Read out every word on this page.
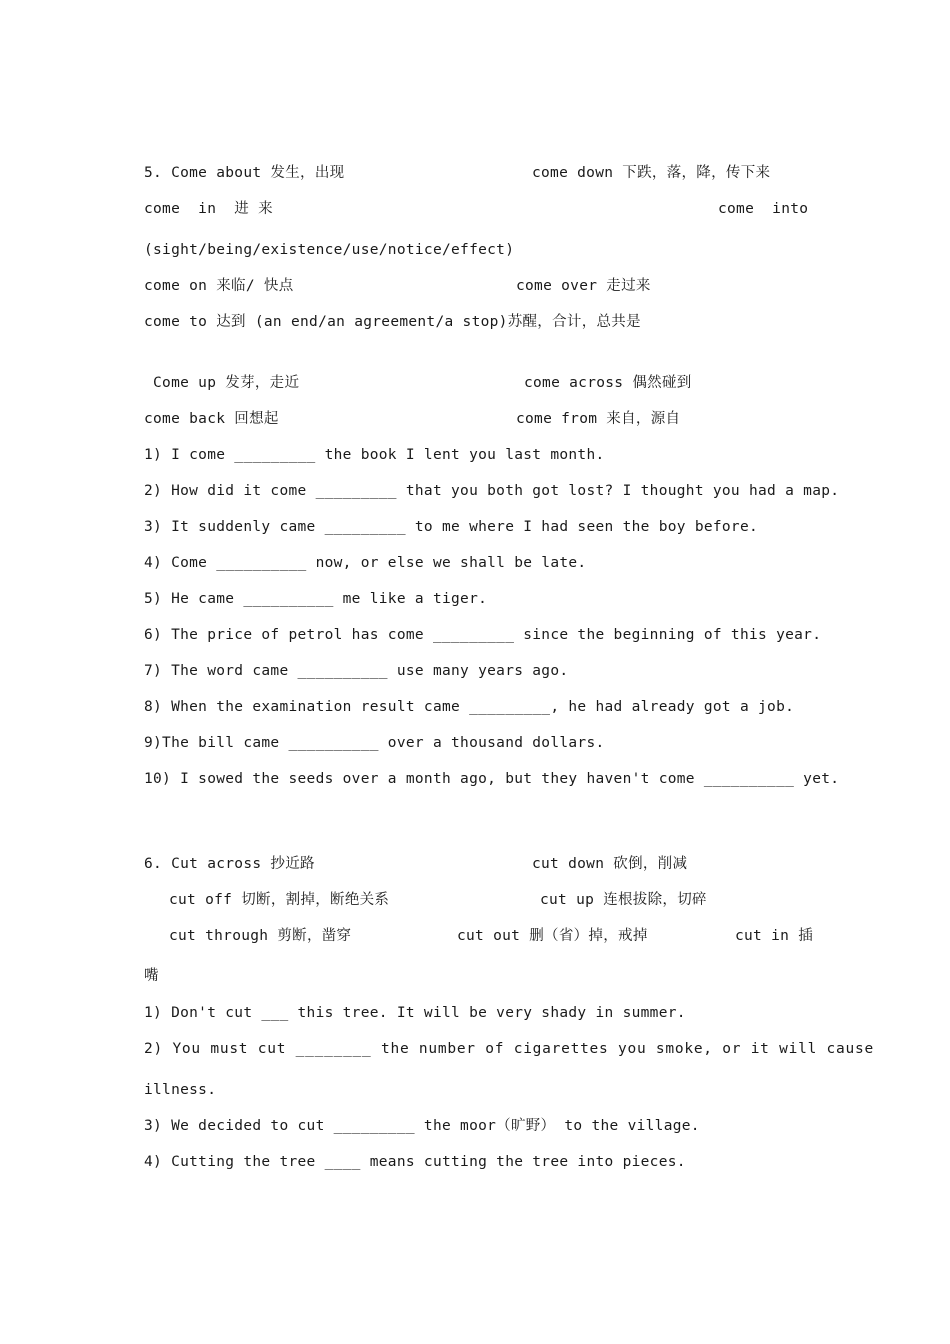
5. Come about 发生，出现	come down 下跌，落，降，传下来
come  in  进 来	come  into
(sight/being/existence/use/notice/effect)
come on 来临/ 快点	come over 走过来
come to 达到 (an end/an agreement/a stop)苏醒，合计，总共是
Come up 发芽，走近	come across 偶然碰到
come back 回想起	come from 来自，源自
1) I come _________ the book I lent you last month.
2) How did it come _________ that you both got lost? I thought you had a map.
3) It suddenly came _________ to me where I had seen the boy before.
4) Come __________ now, or else we shall be late.
5) He came __________ me like a tiger.
6) The price of petrol has come _________ since the beginning of this year.
7) The word came __________ use many years ago.
8) When the examination result came _________, he had already got a job.
9)The bill came __________ over a thousand dollars.
10) I sowed the seeds over a month ago, but they haven't come __________ yet.
6. Cut across 抄近路	cut down 砍倒，削减
cut off 切断，割掉，断绝关系	cut up 连根拔除，切碎
cut through 剪断，凿穿	cut out 删（省）掉，戒掉	cut in 插
嘴
1) Don't cut ___ this tree. It will be very shady in summer.
2) You must cut ________ the number of cigarettes you smoke, or it will cause
illness.
3) We decided to cut _________ the moor（旷野） to the village.
4) Cutting the tree ____ means cutting the tree into pieces.
